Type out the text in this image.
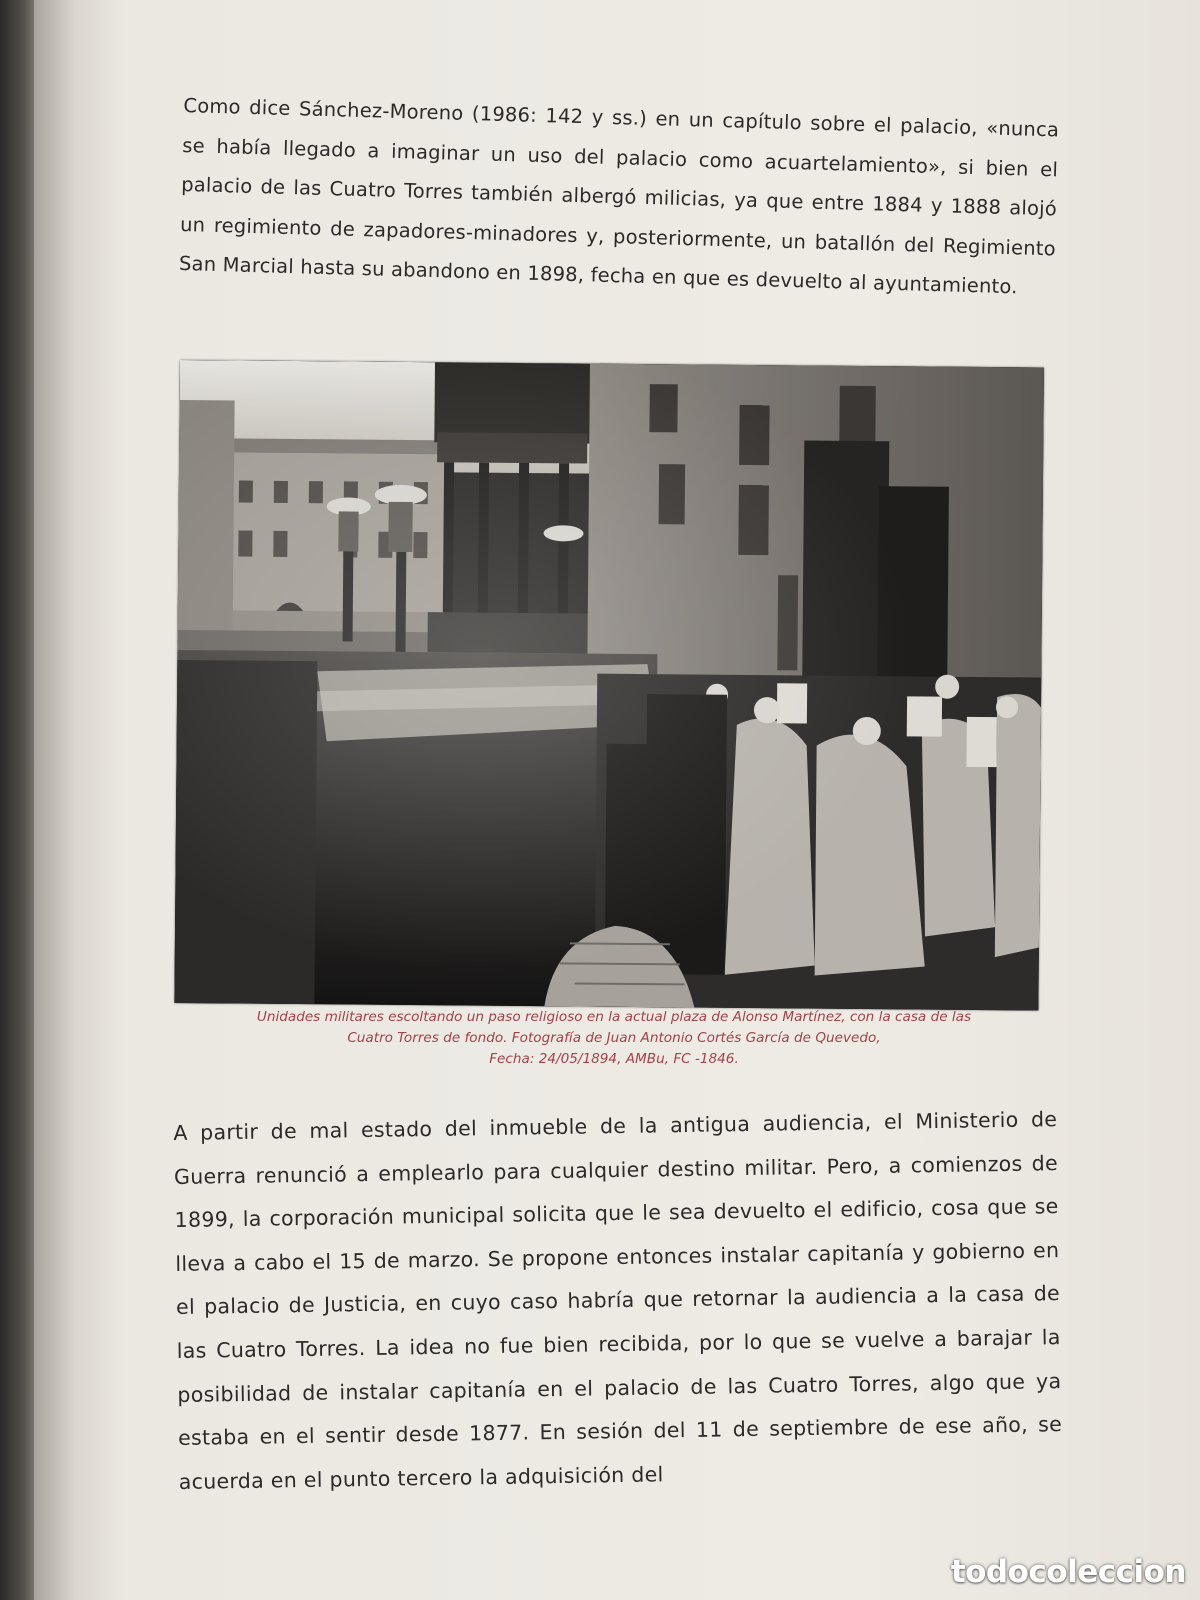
Como dice Sánchez-Moreno (1986: 142 y ss.) en un capítulo sobre el palacio, «nunca se había llegado a imaginar un uso del palacio como acuartelamiento», si bien el palacio de las Cuatro Torres también albergó milicias, ya que entre 1884 y 1888 alojó un regimiento de zapadores-minadores y, posteriormente, un batallón del Regimiento San Marcial hasta su abandono en 1898, fecha en que es devuelto al ayuntamiento.

Unidades militares escoltando un paso religioso en la actual plaza de Alonso Martínez, con la casa de las
Cuatro Torres de fondo. Fotografía de Juan Antonio Cortés García de Quevedo,
Fecha: 24/05/1894, AMBu, FC -1846.

A partir de mal estado del inmueble de la antigua audiencia, el Ministerio de Guerra renunció a emplearlo para cualquier destino militar. Pero, a comienzos de 1899, la corporación municipal solicita que le sea devuelto el edificio, cosa que se lleva a cabo el 15 de marzo. Se propone entonces instalar capitanía y gobierno en el palacio de Justicia, en cuyo caso habría que retornar la audiencia a la casa de las Cuatro Torres. La idea no fue bien recibida, por lo que se vuelve a barajar la posibilidad de instalar capitanía en el palacio de las Cuatro Torres, algo que ya estaba en el sentir desde 1877. En sesión del 11 de septiembre de ese año, se acuerda en el punto tercero la adquisición del

todocoleccion
